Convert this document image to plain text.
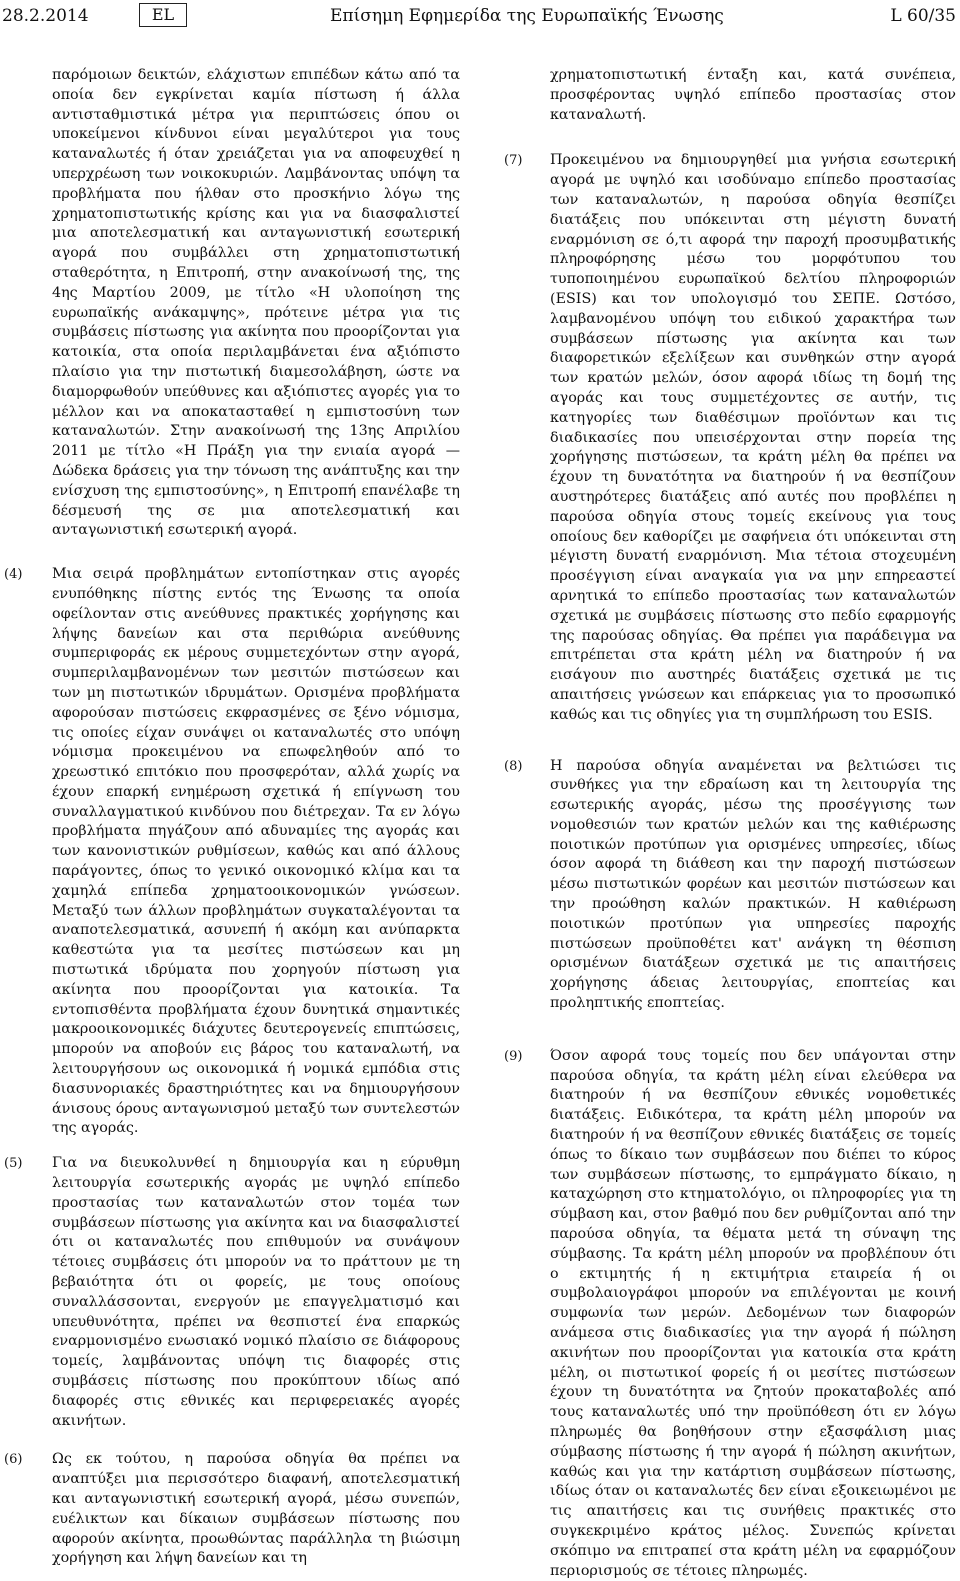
28.2.2014	EL	Επίσημη Εφημερίδα της Ευρωπαϊκής Ένωσης	L 60/35

παρόμοιων δεικτών, ελάχιστων επιπέδων κάτω από τα οποία δεν εγκρίνεται καμία πίστωση ή άλλα αντισταθμιστικά μέτρα για περιπτώσεις όπου οι υποκείμενοι κίνδυνοι είναι μεγαλύτεροι για τους καταναλωτές ή όταν χρειάζεται για να αποφευχθεί η υπερχρέωση των νοικοκυριών. Λαμβάνοντας υπόψη τα προβλήματα που ήλθαν στο προσκήνιο λόγω της χρηματοπιστωτικής κρίσης και για να διασφαλιστεί μια αποτελεσματική και ανταγωνιστική εσωτερική αγορά που συμβάλλει στη χρηματοπιστωτική σταθερότητα, η Επιτροπή, στην ανακοίνωσή της, της 4ης Μαρτίου 2009, με τίτλο «Η υλοποίηση της ευρωπαϊκής ανάκαμψης», πρότεινε μέτρα για τις συμβάσεις πίστωσης για ακίνητα που προορίζονται για κατοικία, στα οποία περιλαμβάνεται ένα αξιόπιστο πλαίσιο για την πιστωτική διαμεσολάβηση, ώστε να διαμορφωθούν υπεύθυνες και αξιόπιστες αγορές για το μέλλον και να αποκατασταθεί η εμπιστοσύνη των καταναλωτών. Στην ανακοίνωσή της 13ης Απριλίου 2011 με τίτλο «Η Πράξη για την ενιαία αγορά — Δώδεκα δράσεις για την τόνωση της ανάπτυξης και την ενίσχυση της εμπιστοσύνης», η Επιτροπή επανέλαβε τη δέσμευσή της σε μια αποτελεσματική και ανταγωνιστική εσωτερική αγορά.

(4) Μια σειρά προβλημάτων εντοπίστηκαν στις αγορές ενυπόθηκης πίστης εντός της Ένωσης τα οποία οφείλονταν στις ανεύθυνες πρακτικές χορήγησης και λήψης δανείων και στα περιθώρια ανεύθυνης συμπεριφοράς εκ μέρους συμμετεχόντων στην αγορά, συμπεριλαμβανομένων των μεσιτών πιστώσεων και των μη πιστωτικών ιδρυμάτων. Ορισμένα προβλήματα αφορούσαν πιστώσεις εκφρασμένες σε ξένο νόμισμα, τις οποίες είχαν συνάψει οι καταναλωτές στο υπόψη νόμισμα προκειμένου να επωφεληθούν από το χρεωστικό επιτόκιο που προσφερόταν, αλλά χωρίς να έχουν επαρκή ενημέρωση σχετικά ή επίγνωση του συναλλαγματικού κινδύνου που διέτρεχαν. Τα εν λόγω προβλήματα πηγάζουν από αδυναμίες της αγοράς και των κανονιστικών ρυθμίσεων, καθώς και από άλλους παράγοντες, όπως το γενικό οικονομικό κλίμα και τα χαμηλά επίπεδα χρηματοοικονομικών γνώσεων. Μεταξύ των άλλων προβλημάτων συγκαταλέγονται τα αναποτελεσματικά, ασυνεπή ή ακόμη και ανύπαρκτα καθεστώτα για τα μεσίτες πιστώσεων και μη πιστωτικά ιδρύματα που χορηγούν πίστωση για ακίνητα που προορίζονται για κατοικία. Τα εντοπισθέντα προβλήματα έχουν δυνητικά σημαντικές μακροοικονομικές διάχυτες δευτερογενείς επιπτώσεις, μπορούν να αποβούν εις βάρος του καταναλωτή, να λειτουργήσουν ως οικονομικά ή νομικά εμπόδια στις διασυνοριακές δραστηριότητες και να δημιουργήσουν άνισους όρους ανταγωνισμού μεταξύ των συντελεστών της αγοράς.

(5) Για να διευκολυνθεί η δημιουργία και η εύρυθμη λειτουργία εσωτερικής αγοράς με υψηλό επίπεδο προστασίας των καταναλωτών στον τομέα των συμβάσεων πίστωσης για ακίνητα και να διασφαλιστεί ότι οι καταναλωτές που επιθυμούν να συνάψουν τέτοιες συμβάσεις ότι μπορούν να το πράττουν με τη βεβαιότητα ότι οι φορείς, με τους οποίους συναλλάσσονται, ενεργούν με επαγγελματισμό και υπευθυνότητα, πρέπει να θεσπιστεί ένα επαρκώς εναρμονισμένο ενωσιακό νομικό πλαίσιο σε διάφορους τομείς, λαμβάνοντας υπόψη τις διαφορές στις συμβάσεις πίστωσης που προκύπτουν ιδίως από διαφορές στις εθνικές και περιφερειακές αγορές ακινήτων.

(6) Ως εκ τούτου, η παρούσα οδηγία θα πρέπει να αναπτύξει μια περισσότερο διαφανή, αποτελεσματική και ανταγωνιστική εσωτερική αγορά, μέσω συνεπών, ευέλικτων και δίκαιων συμβάσεων πίστωσης που αφορούν ακίνητα, προωθώντας παράλληλα τη βιώσιμη χορήγηση και λήψη δανείων και τη

χρηματοπιστωτική ένταξη και, κατά συνέπεια, προσφέροντας υψηλό επίπεδο προστασίας στον καταναλωτή.

(7) Προκειμένου να δημιουργηθεί μια γνήσια εσωτερική αγορά με υψηλό και ισοδύναμο επίπεδο προστασίας των καταναλωτών, η παρούσα οδηγία θεσπίζει διατάξεις που υπόκεινται στη μέγιστη δυνατή εναρμόνιση σε ό,τι αφορά την παροχή προσυμβατικής πληροφόρησης μέσω του μορφότυπου του τυποποιημένου ευρωπαϊκού δελτίου πληροφοριών (ESIS) και τον υπολογισμό του ΣΕΠΕ. Ωστόσο, λαμβανομένου υπόψη του ειδικού χαρακτήρα των συμβάσεων πίστωσης για ακίνητα και των διαφορετικών εξελίξεων και συνθηκών στην αγορά των κρατών μελών, όσον αφορά ιδίως τη δομή της αγοράς και τους συμμετέχοντες σε αυτήν, τις κατηγορίες των διαθέσιμων προϊόντων και τις διαδικασίες που υπεισέρχονται στην πορεία της χορήγησης πιστώσεων, τα κράτη μέλη θα πρέπει να έχουν τη δυνατότητα να διατηρούν ή να θεσπίζουν αυστηρότερες διατάξεις από αυτές που προβλέπει η παρούσα οδηγία στους τομείς εκείνους για τους οποίους δεν καθορίζει με σαφήνεια ότι υπόκεινται στη μέγιστη δυνατή εναρμόνιση. Μια τέτοια στοχευμένη προσέγγιση είναι αναγκαία για να μην επηρεαστεί αρνητικά το επίπεδο προστασίας των καταναλωτών σχετικά με συμβάσεις πίστωσης στο πεδίο εφαρμογής της παρούσας οδηγίας. Θα πρέπει για παράδειγμα να επιτρέπεται στα κράτη μέλη να διατηρούν ή να εισάγουν πιο αυστηρές διατάξεις σχετικά με τις απαιτήσεις γνώσεων και επάρκειας για το προσωπικό καθώς και τις οδηγίες για τη συμπλήρωση του ESIS.

(8) Η παρούσα οδηγία αναμένεται να βελτιώσει τις συνθήκες για την εδραίωση και τη λειτουργία της εσωτερικής αγοράς, μέσω της προσέγγισης των νομοθεσιών των κρατών μελών και της καθιέρωσης ποιοτικών προτύπων για ορισμένες υπηρεσίες, ιδίως όσον αφορά τη διάθεση και την παροχή πιστώσεων μέσω πιστωτικών φορέων και μεσιτών πιστώσεων και την προώθηση καλών πρακτικών. Η καθιέρωση ποιοτικών προτύπων για υπηρεσίες παροχής πιστώσεων προϋποθέτει κατ' ανάγκη τη θέσπιση ορισμένων διατάξεων σχετικά με τις απαιτήσεις χορήγησης άδειας λειτουργίας, εποπτείας και προληπτικής εποπτείας.

(9) Όσον αφορά τους τομείς που δεν υπάγονται στην παρούσα οδηγία, τα κράτη μέλη είναι ελεύθερα να διατηρούν ή να θεσπίζουν εθνικές νομοθετικές διατάξεις. Ειδικότερα, τα κράτη μέλη μπορούν να διατηρούν ή να θεσπίζουν εθνικές διατάξεις σε τομείς όπως το δίκαιο των συμβάσεων που διέπει το κύρος των συμβάσεων πίστωσης, το εμπράγματο δίκαιο, η καταχώρηση στο κτηματολόγιο, οι πληροφορίες για τη σύμβαση και, στον βαθμό που δεν ρυθμίζονται από την παρούσα οδηγία, τα θέματα μετά τη σύναψη της σύμβασης. Τα κράτη μέλη μπορούν να προβλέπουν ότι ο εκτιμητής ή η εκτιμήτρια εταιρεία ή οι συμβολαιογράφοι μπορούν να επιλέγονται με κοινή συμφωνία των μερών. Δεδομένων των διαφορών ανάμεσα στις διαδικασίες για την αγορά ή πώληση ακινήτων που προορίζονται για κατοικία στα κράτη μέλη, οι πιστωτικοί φορείς ή οι μεσίτες πιστώσεων έχουν τη δυνατότητα να ζητούν προκαταβολές από τους καταναλωτές υπό την προϋπόθεση ότι εν λόγω πληρωμές θα βοηθήσουν στην εξασφάλιση μιας σύμβασης πίστωσης ή την αγορά ή πώληση ακινήτων, καθώς και για την κατάρτιση συμβάσεων πίστωσης, ιδίως όταν οι καταναλωτές δεν είναι εξοικειωμένοι με τις απαιτήσεις και τις συνήθεις πρακτικές στο συγκεκριμένο κράτος μέλος. Συνεπώς κρίνεται σκόπιμο να επιτραπεί στα κράτη μέλη να εφαρμόζουν περιορισμούς σε τέτοιες πληρωμές.
